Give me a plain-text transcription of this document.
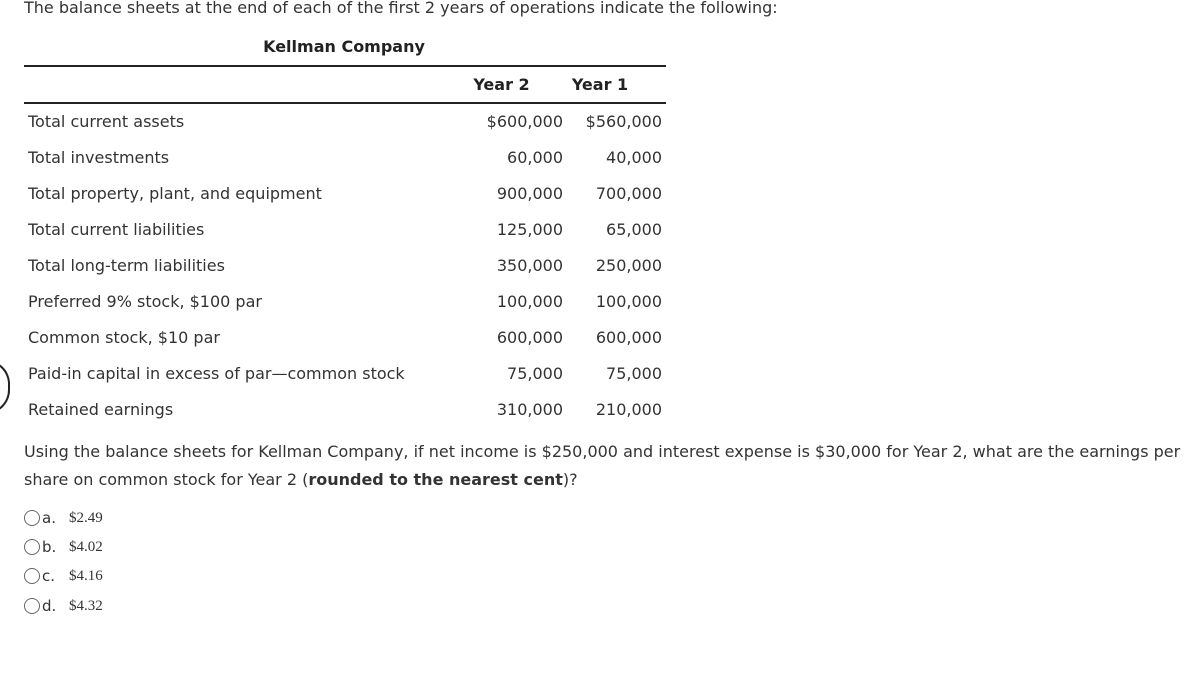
The balance sheets at the end of each of the first 2 years of operations indicate the following:
Kellman Company
Year 2	Year 1
Total current assets	$600,000 $560,000
Total investments	60,000	40,000
Total property, plant, and equipment	900,000 700,000
Total current liabilities	125,000	65,000
Total long-term liabilities	350,000 250,000
Preferred 9% stock, $100 par	100,000 100,000
Common stock, $10 par	600,000 600,000
Paid-in capital in excess of par—common stock	75,000	75,000
Retained earnings	310,000 210,000
Using the balance sheets for Kellman Company, if net income is $250,000 and interest expense is $30,000 for Year 2, what are the earnings per share on common stock for Year 2 (rounded to the nearest cent)?
a. $2.49
b. $4.02
c. $4.16
d. $4.32
